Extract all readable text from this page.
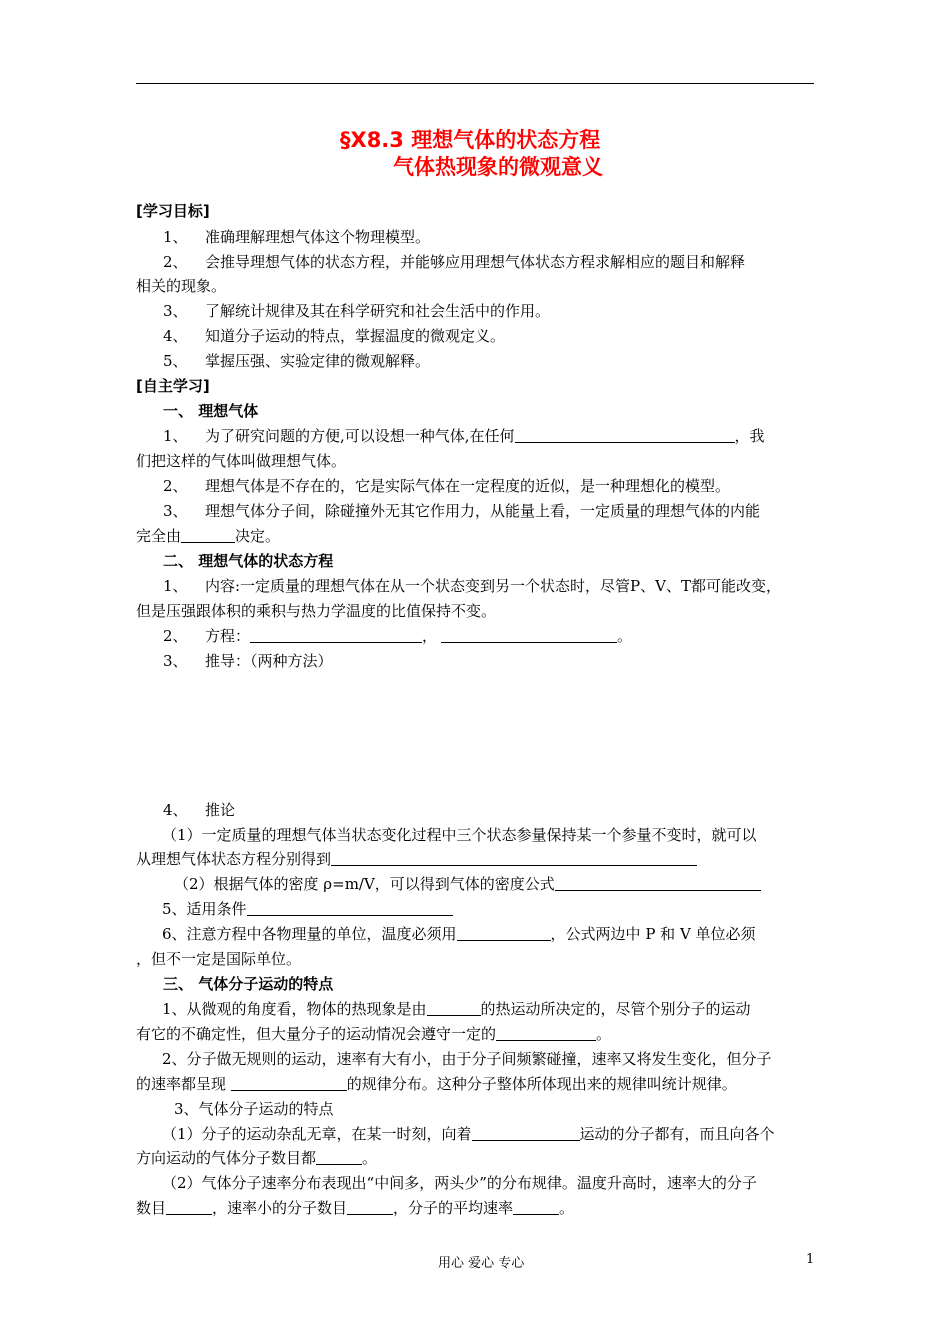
§X8.3 理想气体的状态方程
气体热现象的微观意义
[学习目标]
1、 准确理解理想气体这个物理模型。
2、 会推导理想气体的状态方程，并能够应用理想气体状态方程求解相应的题目和解释
相关的现象。
3、 了解统计规律及其在科学研究和社会生活中的作用。
4、 知道分子运动的特点，掌握温度的微观定义。
5、 掌握压强、实验定律的微观解释。
[自主学习]
一、 理想气体
1、 为了研究问题的方便,可以设想一种气体,在任何	，我
们把这样的气体叫做理想气体。
2、 理想气体是不存在的，它是实际气体在一定程度的近似，是一种理想化的模型。
3、 理想气体分子间，除碰撞外无其它作用力，从能量上看，一定质量的理想气体的内能
完全由	决定。
二、 理想气体的状态方程
1、 内容:一定质量的理想气体在从一个状态变到另一个状态时，尽管P、V、T都可能改变，
但是压强跟体积的乘积与热力学温度的比值保持不变。
2、 方程：	，	。
3、 推导：（两种方法）
4、 推论
（1）一定质量的理想气体当状态变化过程中三个状态参量保持某一个参量不变时，就可以
从理想气体状态方程分别得到
（2）根据气体的密度 ρ=m/V，可以得到气体的密度公式
5、适用条件
6、注意方程中各物理量的单位，温度必须用	，公式两边中 P 和 V 单位必须
，但不一定是国际单位。
三、 气体分子运动的特点
1、从微观的角度看，物体的热现象是由	的热运动所决定的，尽管个别分子的运动
有它的不确定性，但大量分子的运动情况会遵守一定的	。
2、分子做无规则的运动，速率有大有小，由于分子间频繁碰撞，速率又将发生变化，但分子
的速率都呈现	的规律分布。这种分子整体所体现出来的规律叫统计规律。
3、气体分子运动的特点
（1）分子的运动杂乱无章，在某一时刻，向着	运动的分子都有，而且向各个
方向运动的气体分子数目都	。
（2）气体分子速率分布表现出“中间多，两头少”的分布规律。温度升高时，速率大的分子
数目	，速率小的分子数目	，分子的平均速率	。
用心 爱心 专心	1
